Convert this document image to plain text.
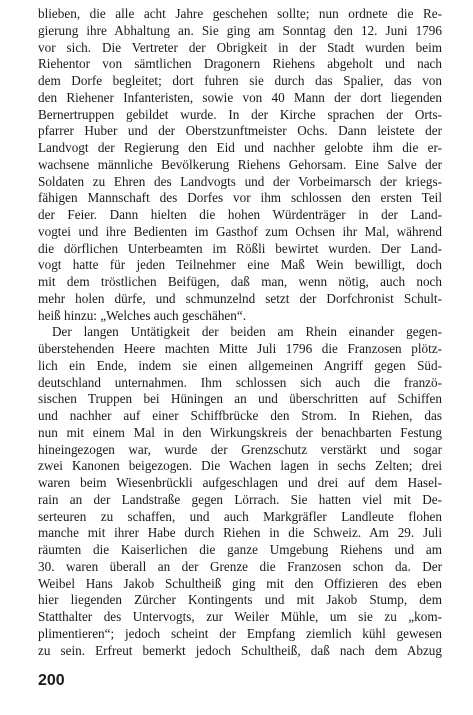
blieben, die alle acht Jahre geschehen sollte; nun ordnete die Re-
gierung ihre Abhaltung an. Sie ging am Sonntag den 12. Juni 1796
vor sich. Die Vertreter der Obrigkeit in der Stadt wurden beim
Riehentor von sämtlichen Dragonern Riehens abgeholt und nach
dem Dorfe begleitet; dort fuhren sie durch das Spalier, das von
den Riehener Infanteristen, sowie von 40 Mann der dort liegenden
Bernertruppen gebildet wurde. In der Kirche sprachen der Orts-
pfarrer Huber und der Oberstzunftmeister Ochs. Dann leistete der
Landvogt der Regierung den Eid und nachher gelobte ihm die er-
wachsene männliche Bevölkerung Riehens Gehorsam. Eine Salve der
Soldaten zu Ehren des Landvogts und der Vorbeimarsch der kriegs-
fähigen Mannschaft des Dorfes vor ihm schlossen den ersten Teil
der Feier. Dann hielten die hohen Würdenträger in der Land-
vogtei und ihre Bedienten im Gasthof zum Ochsen ihr Mal, während
die dörflichen Unterbeamten im Rößli bewirtet wurden. Der Land-
vogt hatte für jeden Teilnehmer eine Maß Wein bewilligt, doch
mit dem tröstlichen Beifügen, daß man, wenn nötig, auch noch
mehr holen dürfe, und schmunzelnd setzt der Dorfchronist Schult-
heiß hinzu: „Welches auch geschähen“.
Der langen Untätigkeit der beiden am Rhein einander gegen-
überstehenden Heere machten Mitte Juli 1796 die Franzosen plötz-
lich ein Ende, indem sie einen allgemeinen Angriff gegen Süd-
deutschland unternahmen. Ihm schlossen sich auch die franzö-
sischen Truppen bei Hüningen an und überschritten auf Schiffen
und nachher auf einer Schiffbrücke den Strom. In Riehen, das
nun mit einem Mal in den Wirkungskreis der benachbarten Festung
hineingezogen war, wurde der Grenzschutz verstärkt und sogar
zwei Kanonen beigezogen. Die Wachen lagen in sechs Zelten; drei
waren beim Wiesenbrückli aufgeschlagen und drei auf dem Hasel-
rain an der Landstraße gegen Lörrach. Sie hatten viel mit De-
serteuren zu schaffen, und auch Markgräfler Landleute flohen
manche mit ihrer Habe durch Riehen in die Schweiz. Am 29. Juli
räumten die Kaiserlichen die ganze Umgebung Riehens und am
30. waren überall an der Grenze die Franzosen schon da. Der
Weibel Hans Jakob Schultheiß ging mit den Offizieren des eben
hier liegenden Zürcher Kontingents und mit Jakob Stump, dem
Statthalter des Untervogts, zur Weiler Mühle, um sie zu „kom-
plimentieren“; jedoch scheint der Empfang ziemlich kühl gewesen
zu sein. Erfreut bemerkt jedoch Schultheiß, daß nach dem Abzug
200
